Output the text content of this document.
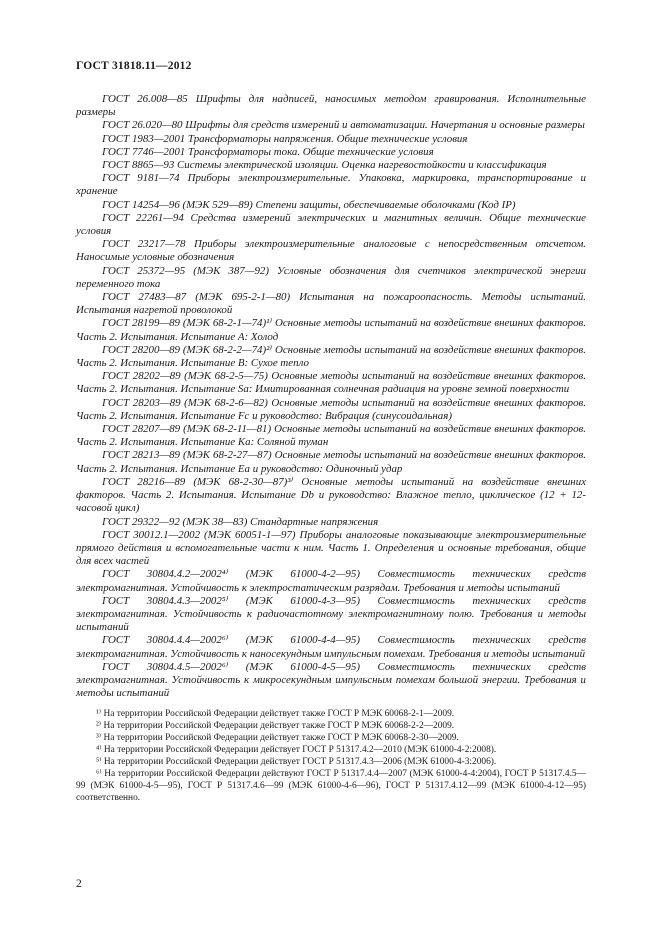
ГОСТ 31818.11—2012

ГОСТ 26.008—85 Шрифты для надписей, наносимых методом гравирования. Исполнительные размеры

ГОСТ 26.020—80 Шрифты для средств измерений и автоматизации. Начертания и основные размеры

ГОСТ 1983—2001 Трансформаторы напряжения. Общие технические условия

ГОСТ 7746—2001 Трансформаторы тока. Общие технические условия

ГОСТ 8865—93 Системы электрической изоляции. Оценка нагревостойкости и классификация

ГОСТ 9181—74 Приборы электроизмерительные. Упаковка, маркировка, транспортирование и хранение

ГОСТ 14254—96 (МЭК 529—89) Степени защиты, обеспечиваемые оболочками (Код IP)

ГОСТ 22261—94 Средства измерений электрических и магнитных величин. Общие технические условия

ГОСТ 23217—78 Приборы электроизмерительные аналоговые с непосредственным отсчетом. Наносимые условные обозначения

ГОСТ 25372—95 (МЭК 387—92) Условные обозначения для счетчиков электрической энергии переменного тока

ГОСТ 27483—87 (МЭК 695-2-1—80) Испытания на пожароопасность. Методы испытаний. Испытания нагретой проволокой

ГОСТ 28199—89 (МЭК 68-2-1—74)¹⁾ Основные методы испытаний на воздействие внешних факторов. Часть 2. Испытания. Испытание А: Холод

ГОСТ 28200—89 (МЭК 68-2-2—74)²⁾ Основные методы испытаний на воздействие внешних факторов. Часть 2. Испытания. Испытание В: Сухое тепло

ГОСТ 28202—89 (МЭК 68-2-5—75) Основные методы испытаний на воздействие внешних факторов. Часть 2. Испытания. Испытание Sa: Имитированная солнечная радиация на уровне земной поверхности

ГОСТ 28203—89 (МЭК 68-2-6—82) Основные методы испытаний на воздействие внешних факторов. Часть 2. Испытания. Испытание Fc и руководство: Вибрация (синусоидальная)

ГОСТ 28207—89 (МЭК 68-2-11—81) Основные методы испытаний на воздействие внешних факторов. Часть 2. Испытания. Испытание Ка: Соляной туман

ГОСТ 28213—89 (МЭК 68-2-27—87) Основные методы испытаний на воздействие внешних факторов. Часть 2. Испытания. Испытание Еа и руководство: Одиночный удар

ГОСТ 28216—89 (МЭК 68-2-30—87)³⁾ Основные методы испытаний на воздействие внешних факторов. Часть 2. Испытания. Испытание Db и руководство: Влажное тепло, циклическое (12 + 12-часовой цикл)

ГОСТ 29322—92 (МЭК 38—83) Стандартные напряжения

ГОСТ 30012.1—2002 (МЭК 60051-1—97) Приборы аналоговые показывающие электроизмерительные прямого действия и вспомогательные части к ним. Часть 1. Определения и основные требования, общие для всех частей

ГОСТ 30804.4.2—2002⁴⁾ (МЭК 61000-4-2—95) Совместимость технических средств электромагнитная. Устойчивость к электростатическим разрядам. Требования и методы испытаний

ГОСТ 30804.4.3—2002⁵⁾ (МЭК 61000-4-3—95) Совместимость технических средств электромагнитная. Устойчивость к радиочастотному электромагнитному полю. Требования и методы испытаний

ГОСТ 30804.4.4—2002⁶⁾ (МЭК 61000-4-4—95) Совместимость технических средств электромагнитная. Устойчивость к наносекундным импульсным помехам. Требования и методы испытаний

ГОСТ 30804.4.5—2002⁶⁾ (МЭК 61000-4-5—95) Совместимость технических средств электромагнитная. Устойчивость к микросекундным импульсным помехам большой энергии. Требования и методы испытаний

¹⁾ На территории Российской Федерации действует также ГОСТ Р МЭК 60068-2-1—2009.

²⁾ На территории Российской Федерации действует также ГОСТ Р МЭК 60068-2-2—2009.

³⁾ На территории Российской Федерации действует также ГОСТ Р МЭК 60068-2-30—2009.

⁴⁾ На территории Российской Федерации действует ГОСТ Р 51317.4.2—2010 (МЭК 61000-4-2:2008).

⁵⁾ На территории Российской Федерации действует ГОСТ Р 51317.4.3—2006 (МЭК 61000-4-3:2006).

⁶⁾ На территории Российской Федерации действуют ГОСТ Р 51317.4.4—2007 (МЭК 61000-4-4:2004), ГОСТ Р 51317.4.5—99 (МЭК 61000-4-5—95), ГОСТ Р 51317.4.6—99 (МЭК 61000-4-6—96), ГОСТ Р 51317.4.12—99 (МЭК 61000-4-12—95) соответственно.

2
